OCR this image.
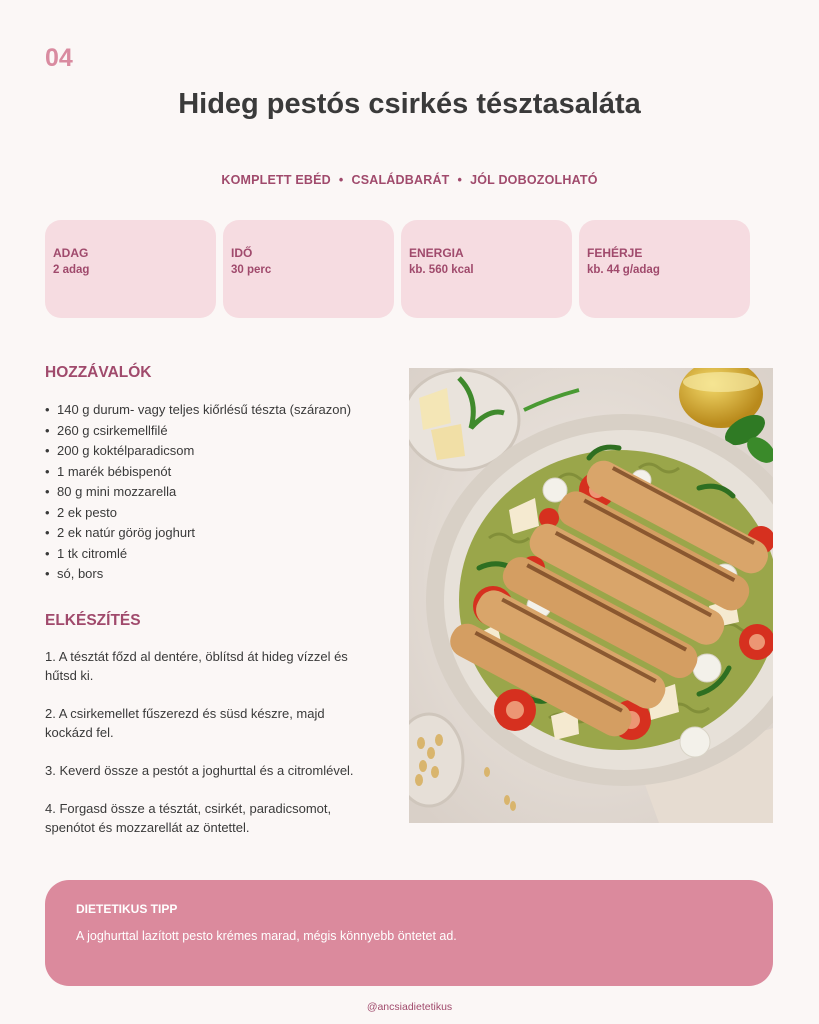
04
Hideg pestós csirkés tésztasaláta
KOMPLETT EBÉD • CSALÁDBARÁT • JÓL DOBOZOLHATÓ
ADAG
2 adag
IDŐ
30 perc
ENERGIA
kb. 560 kcal
FEHÉRJE
kb. 44 g/adag
HOZZÁVALÓK
• 140 g durum- vagy teljes kiőrlésű tészta (szárazon)
• 260 g csirkemellfilé
• 200 g koktélparadicsom
• 1 marék bébispenót
• 80 g mini mozzarella
• 2 ek pesto
• 2 ek natúr görög joghurt
• 1 tk citromlé
• só, bors
ELKÉSZÍTÉS
1. A tésztát főzd al dentére, öblítsd át hideg vízzel és hűtsd ki.
2. A csirkemellet fűszerezd és süsd készre, majd kockázd fel.
3. Keverd össze a pestót a joghurttal és a citromlével.
4. Forgasd össze a tésztát, csirkét, paradicsomot, spenótot és mozzarellát az öntettel.
DIETETIKUS TIPP
A joghurttal lazított pesto krémes marad, mégis könnyebb öntetet ad.
@ancsiadietetikus
